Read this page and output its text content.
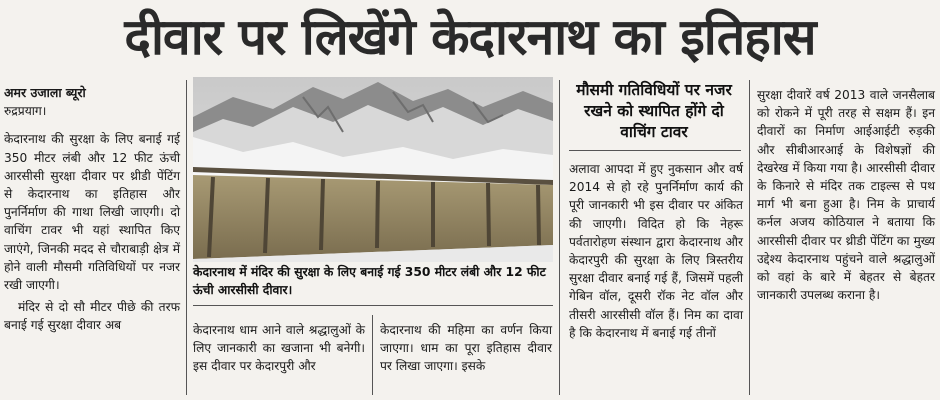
दीवार पर लिखेंगे केदारनाथ का इतिहास

अमर उजाला ब्यूरो

रुद्रप्रयाग।

केदारनाथ की सुरक्षा के लिए बनाई गई 350 मीटर लंबी और 12 फीट ऊंची आरसीसी सुरक्षा दीवार पर थ्रीडी पेंटिंग से केदारनाथ का इतिहास और पुनर्निर्माण की गाथा लिखी जाएगी। दो वाचिंग टावर भी यहां स्थापित किए जाएंगे, जिनकी मदद से चौराबाड़ी क्षेत्र में होने वाली मौसमी गतिविधियों पर नजर रखी जाएगी।

मंदिर से दो सौ मीटर पीछे की तरफ बनाई गई सुरक्षा दीवार अब

केदारनाथ में मंदिर की सुरक्षा के लिए बनाई गई 350 मीटर लंबी और 12 फीट ऊंची आरसीसी दीवार।

केदारनाथ धाम आने वाले श्रद्धालुओं के लिए जानकारी का खजाना भी बनेगी। इस दीवार पर केदारपुरी और

केदारनाथ की महिमा का वर्णन किया जाएगा। धाम का पूरा इतिहास दीवार पर लिखा जाएगा। इसके

मौसमी गतिविधियों पर नजर रखने को स्थापित होंगे दो वाचिंग टावर

अलावा आपदा में हुए नुकसान और वर्ष 2014 से हो रहे पुनर्निर्माण कार्य की पूरी जानकारी भी इस दीवार पर अंकित की जाएगी। विदित हो कि नेहरू पर्वतारोहण संस्थान द्वारा केदारनाथ और केदारपुरी की सुरक्षा के लिए त्रिस्तरीय सुरक्षा दीवार बनाई गई हैं, जिसमें पहली गेबिन वॉल, दूसरी रॉक नेट वॉल और तीसरी आरसीसी वॉल हैं। निम का दावा है कि केदारनाथ में बनाई गई तीनों

सुरक्षा दीवारें वर्ष 2013 वाले जनसैलाब को रोकने में पूरी तरह से सक्षम हैं। इन दीवारों का निर्माण आईआईटी रुड़की और सीबीआरआई के विशेषज्ञों की देखरेख में किया गया है। आरसीसी दीवार के किनारे से मंदिर तक टाइल्स से पथ मार्ग भी बना हुआ है। निम के प्राचार्य कर्नल अजय कोठियाल ने बताया कि आरसीसी दीवार पर थ्रीडी पेंटिंग का मुख्य उद्देश्य केदारनाथ पहुंचने वाले श्रद्धालुओं को वहां के बारे में बेहतर से बेहतर जानकारी उपलब्ध कराना है।
